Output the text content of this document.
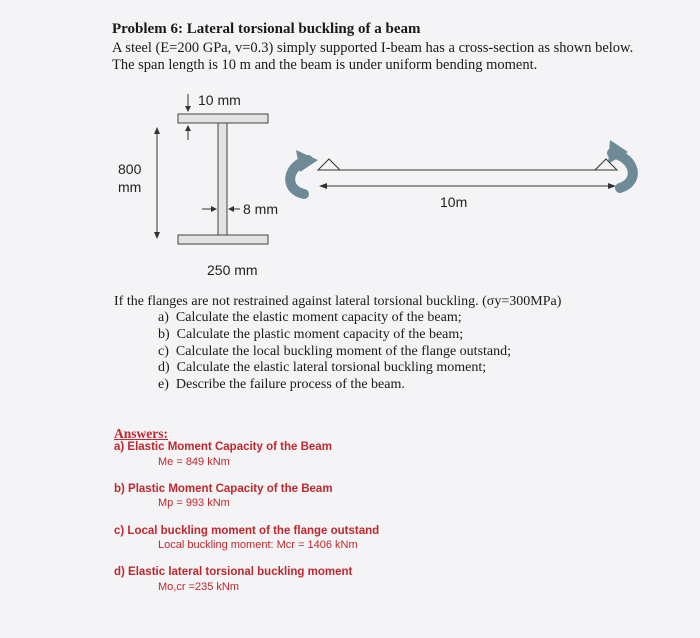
Problem 6: Lateral torsional buckling of a beam
A steel (E=200 GPa, v=0.3) simply supported I-beam has a cross-section as shown below.
The span length is 10 m and the beam is under uniform bending moment.
10 mm
800
mm
8 mm
250 mm
10m
If the flanges are not restrained against lateral torsional buckling. (σy=300MPa)
a) Calculate the elastic moment capacity of the beam;
b) Calculate the plastic moment capacity of the beam;
c) Calculate the local buckling moment of the flange outstand;
d) Calculate the elastic lateral torsional buckling moment;
e) Describe the failure process of the beam.
Answers:
a) Elastic Moment Capacity of the Beam
Me = 849 kNm
b) Plastic Moment Capacity of the Beam
Mp = 993 kNm
c) Local buckling moment of the flange outstand
Local buckling moment: Mcr = 1406 kNm
d) Elastic lateral torsional buckling moment
Mo,cr =235 kNm
